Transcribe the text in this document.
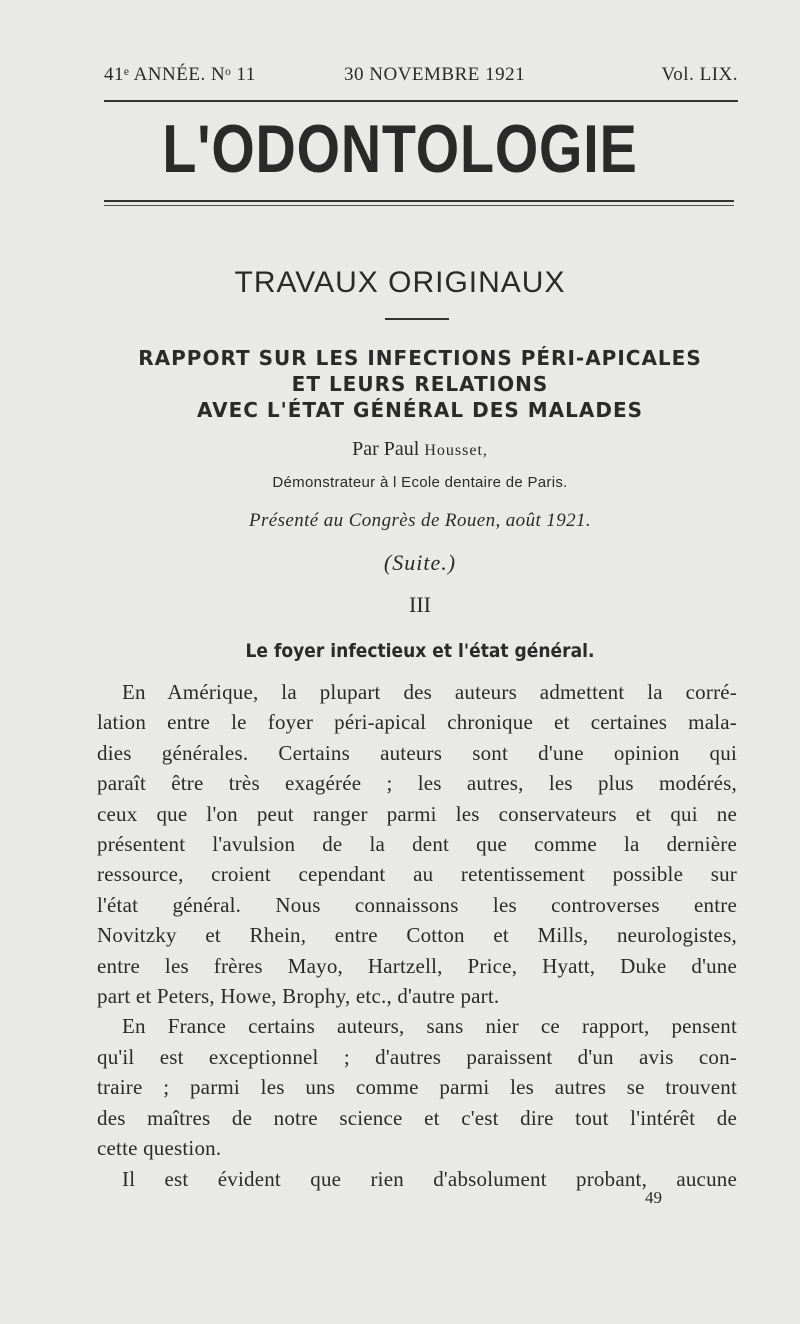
41ᵉ ANNÉE. Nᵒ 11	30 NOVEMBRE 1921	Vol. LIX.
L'ODONTOLOGIE
TRAVAUX ORIGINAUX
RAPPORT SUR LES INFECTIONS PÉRI-APICALES
ET LEURS RELATIONS
AVEC L'ÉTAT GÉNÉRAL DES MALADES
Par Paul Housset,
Démonstrateur à l Ecole dentaire de Paris.
Présenté au Congrès de Rouen, août 1921.
(Suite.)
III
Le foyer infectieux et l'état général.
En Amérique, la plupart des auteurs admettent la corré-
lation entre le foyer péri-apical chronique et certaines mala-
dies générales. Certains auteurs sont d'une opinion qui
paraît être très exagérée ; les autres, les plus modérés,
ceux que l'on peut ranger parmi les conservateurs et qui ne
présentent l'avulsion de la dent que comme la dernière
ressource, croient cependant au retentissement possible sur
l'état général. Nous connaissons les controverses entre
Novitzky et Rhein, entre Cotton et Mills, neurologistes,
entre les frères Mayo, Hartzell, Price, Hyatt, Duke d'une
part et Peters, Howe, Brophy, etc., d'autre part.
En France certains auteurs, sans nier ce rapport, pensent
qu'il est exceptionnel ; d'autres paraissent d'un avis con-
traire ; parmi les uns comme parmi les autres se trouvent
des maîtres de notre science et c'est dire tout l'intérêt de
cette question.
Il est évident que rien d'absolument probant, aucune
49
